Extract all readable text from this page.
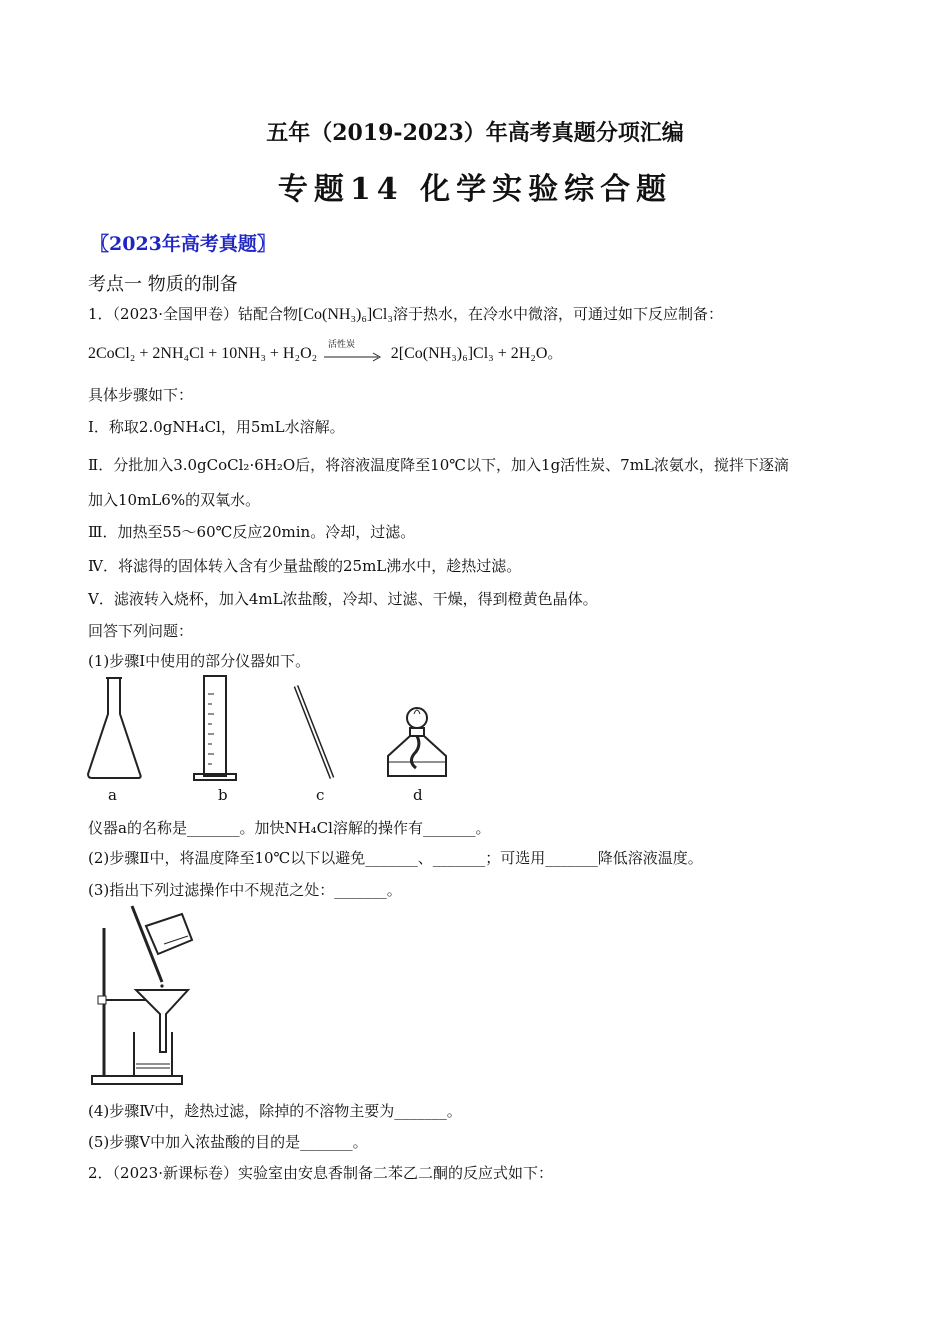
五年（2019-2023）年高考真题分项汇编
专题14 化学实验综合题
〖2023年高考真题〗
考点一 物质的制备
1．（2023·全国甲卷）钴配合物[Co(NH₃)₆]Cl₃溶于热水，在冷水中微溶，可通过如下反应制备：
2CoCl₂ + 2NH₄Cl + 10NH₃ + H₂O₂ 活性炭 2[Co(NH₃)₆]Cl₃ + 2H₂O。
具体步骤如下：
Ⅰ．称取2.0gNH₄Cl，用5mL水溶解。
Ⅱ．分批加入3.0gCoCl₂·6H₂O后，将溶液温度降至10℃以下，加入1g活性炭、7mL浓氨水，搅拌下逐滴
加入10mL6%的双氧水。
Ⅲ．加热至55～60℃反应20min。冷却，过滤。
Ⅳ．将滤得的固体转入含有少量盐酸的25mL沸水中，趁热过滤。
Ⅴ．滤液转入烧杯，加入4mL浓盐酸，冷却、过滤、干燥，得到橙黄色晶体。
回答下列问题：
(1)步骤Ⅰ中使用的部分仪器如下。
a	b	c	d
仪器a的名称是_______。加快NH₄Cl溶解的操作有_______。
(2)步骤Ⅱ中，将温度降至10℃以下以避免_______、_______；可选用_______降低溶液温度。
(3)指出下列过滤操作中不规范之处：_______。
(4)步骤Ⅳ中，趁热过滤，除掉的不溶物主要为_______。
(5)步骤Ⅴ中加入浓盐酸的目的是_______。
2．（2023·新课标卷）实验室由安息香制备二苯乙二酮的反应式如下：
